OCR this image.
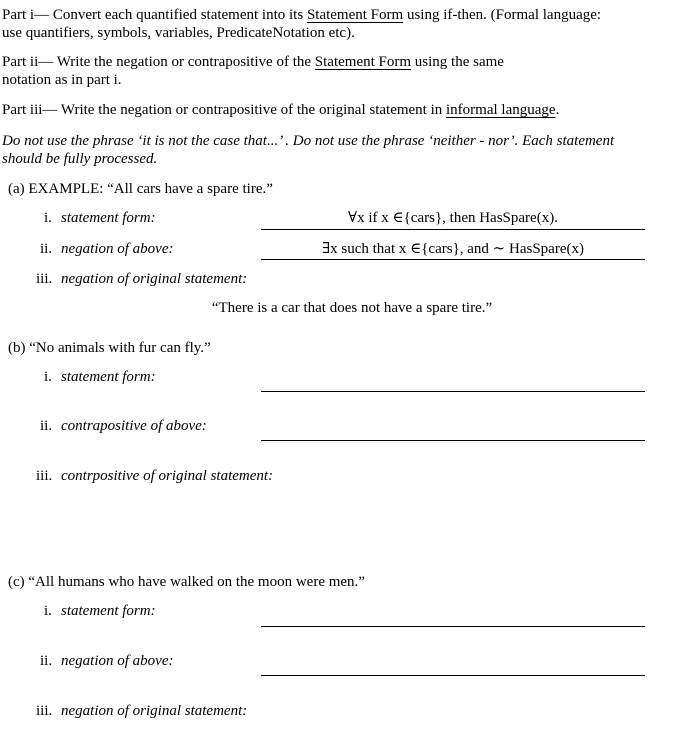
Part i— Convert each quantified statement into its Statement Form using if-then. (Formal language:
use quantifiers, symbols, variables, PredicateNotation etc).
Part ii— Write the negation or contrapositive of the Statement Form using the same
notation as in part i.
Part iii— Write the negation or contrapositive of the original statement in informal language.
Do not use the phrase ‘it is not the case that...’ . Do not use the phrase ‘neither - nor’. Each statement
should be fully processed.
(a) EXAMPLE: “All cars have a spare tire.”
i. statement form:	∀x if x ∈{cars}, then HasSpare(x).
ii. negation of above:	∃x such that x ∈{cars}, and ∼ HasSpare(x)
iii. negation of original statement:
“There is a car that does not have a spare tire.”
(b) “No animals with fur can fly.”
i. statement form:
ii. contrapositive of above:
iii. contrpositive of original statement:
(c) “All humans who have walked on the moon were men.”
i. statement form:
ii. negation of above:
iii. negation of original statement:
